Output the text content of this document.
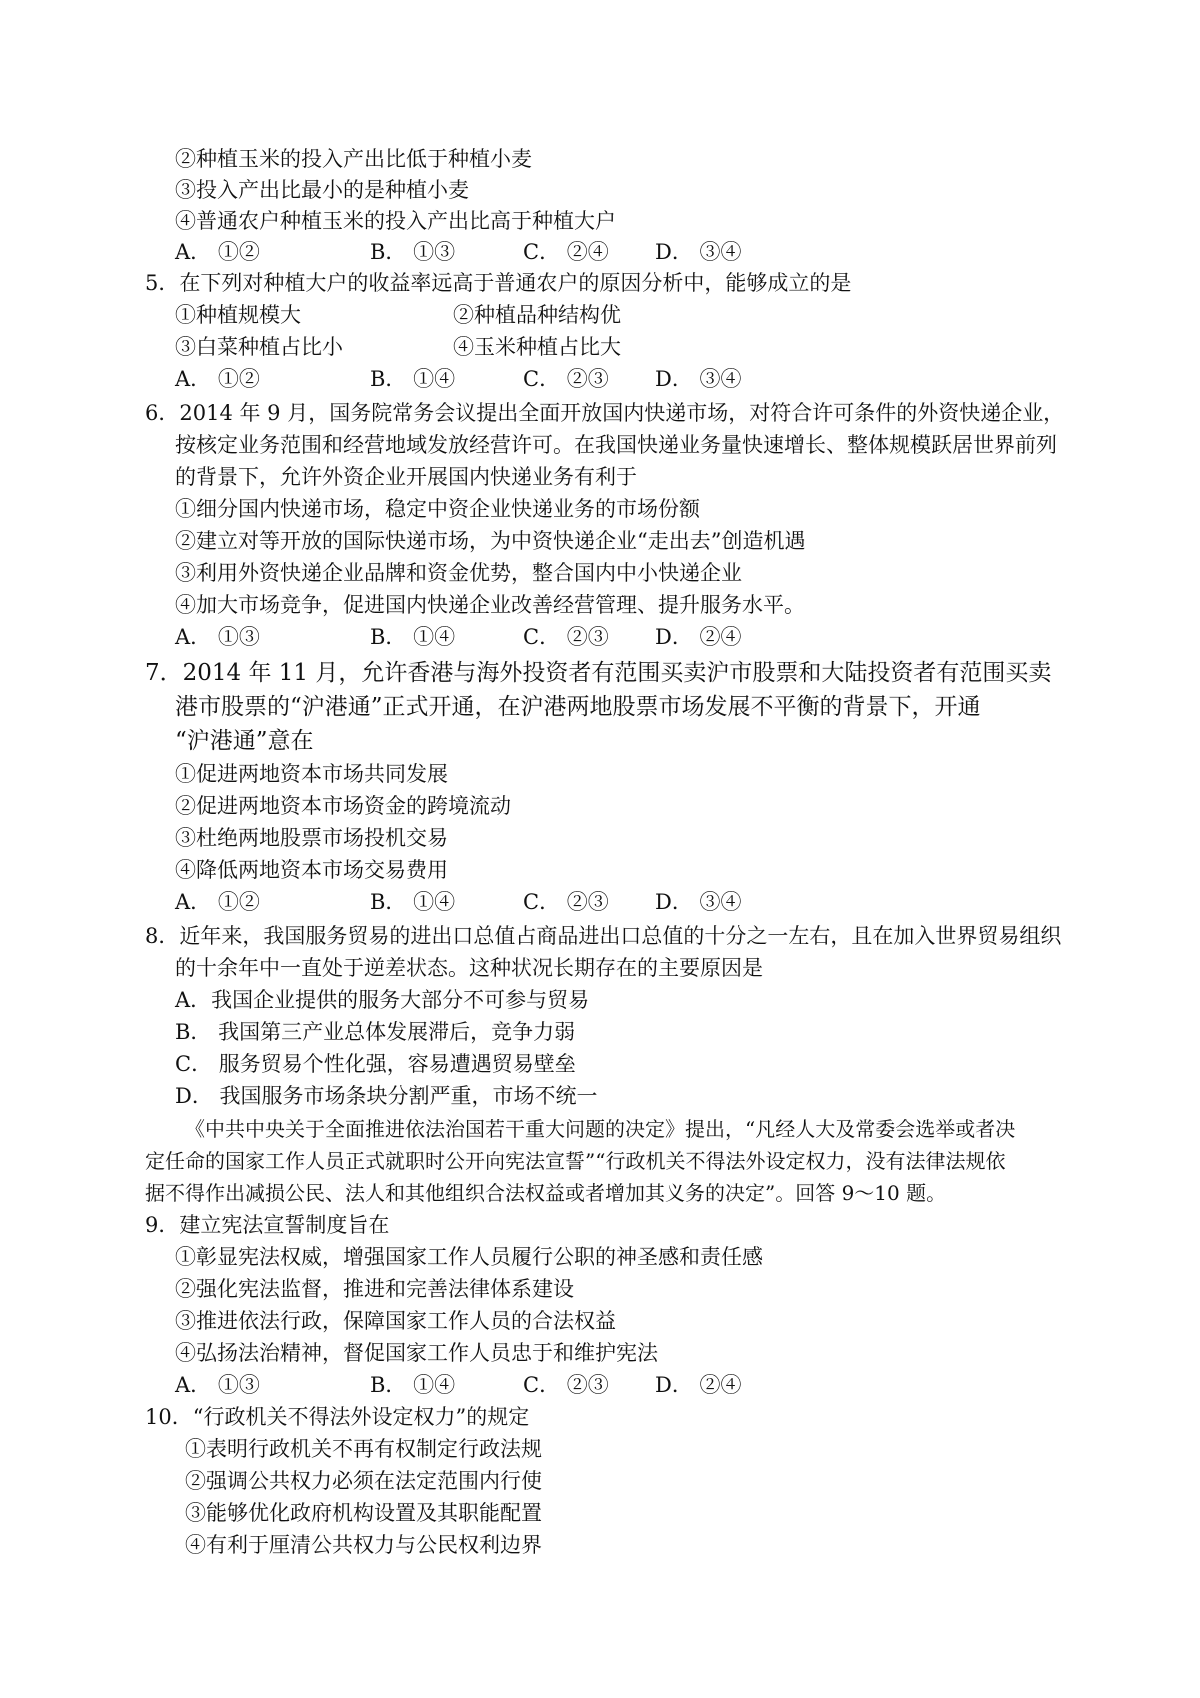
②种植玉米的投入产出比低于种植小麦
③投入产出比最小的是种植小麦
④普通农户种植玉米的投入产出比高于种植大户
A． ①②	B． ①③	C． ②④ D． ③④
5．在下列对种植大户的收益率远高于普通农户的原因分析中，能够成立的是
①种植规模大	②种植品种结构优
③白菜种植占比小	④玉米种植占比大
A． ①②	B． ①④	C． ②③ D． ③④
6．2014 年 9 月，国务院常务会议提出全面开放国内快递市场，对符合许可条件的外资快递企业，
按核定业务范围和经营地域发放经营许可。在我国快递业务量快速增长、整体规模跃居世界前列
的背景下，允许外资企业开展国内快递业务有利于
①细分国内快递市场，稳定中资企业快递业务的市场份额
②建立对等开放的国际快递市场，为中资快递企业“走出去”创造机遇
③利用外资快递企业品牌和资金优势，整合国内中小快递企业
④加大市场竞争，促进国内快递企业改善经营管理、提升服务水平。
A． ①③	B． ①④	C． ②③ D． ②④
7．2014 年 11 月，允许香港与海外投资者有范围买卖沪市股票和大陆投资者有范围买卖
港市股票的“沪港通”正式开通，在沪港两地股票市场发展不平衡的背景下，开通
“沪港通”意在
①促进两地资本市场共同发展
②促进两地资本市场资金的跨境流动
③杜绝两地股票市场投机交易
④降低两地资本市场交易费用
A． ①②	B． ①④	C． ②③ D． ③④
8．近年来，我国服务贸易的进出口总值占商品进出口总值的十分之一左右，且在加入世界贸易组织
的十余年中一直处于逆差状态。这种状况长期存在的主要原因是
A．我国企业提供的服务大部分不可参与贸易
B． 我国第三产业总体发展滞后，竞争力弱
C． 服务贸易个性化强，容易遭遇贸易壁垒
D． 我国服务市场条块分割严重，市场不统一
《中共中央关于全面推进依法治国若干重大问题的决定》提出，“凡经人大及常委会选举或者决
定任命的国家工作人员正式就职时公开向宪法宣誓”“行政机关不得法外设定权力，没有法律法规依
据不得作出减损公民、法人和其他组织合法权益或者增加其义务的决定”。回答 9～10 题。
9．建立宪法宣誓制度旨在
①彰显宪法权威，增强国家工作人员履行公职的神圣感和责任感
②强化宪法监督，推进和完善法律体系建设
③推进依法行政，保障国家工作人员的合法权益
④弘扬法治精神，督促国家工作人员忠于和维护宪法
A． ①③	B． ①④	C． ②③ D． ②④
10．“行政机关不得法外设定权力”的规定
①表明行政机关不再有权制定行政法规
②强调公共权力必须在法定范围内行使
③能够优化政府机构设置及其职能配置
④有利于厘清公共权力与公民权利边界
